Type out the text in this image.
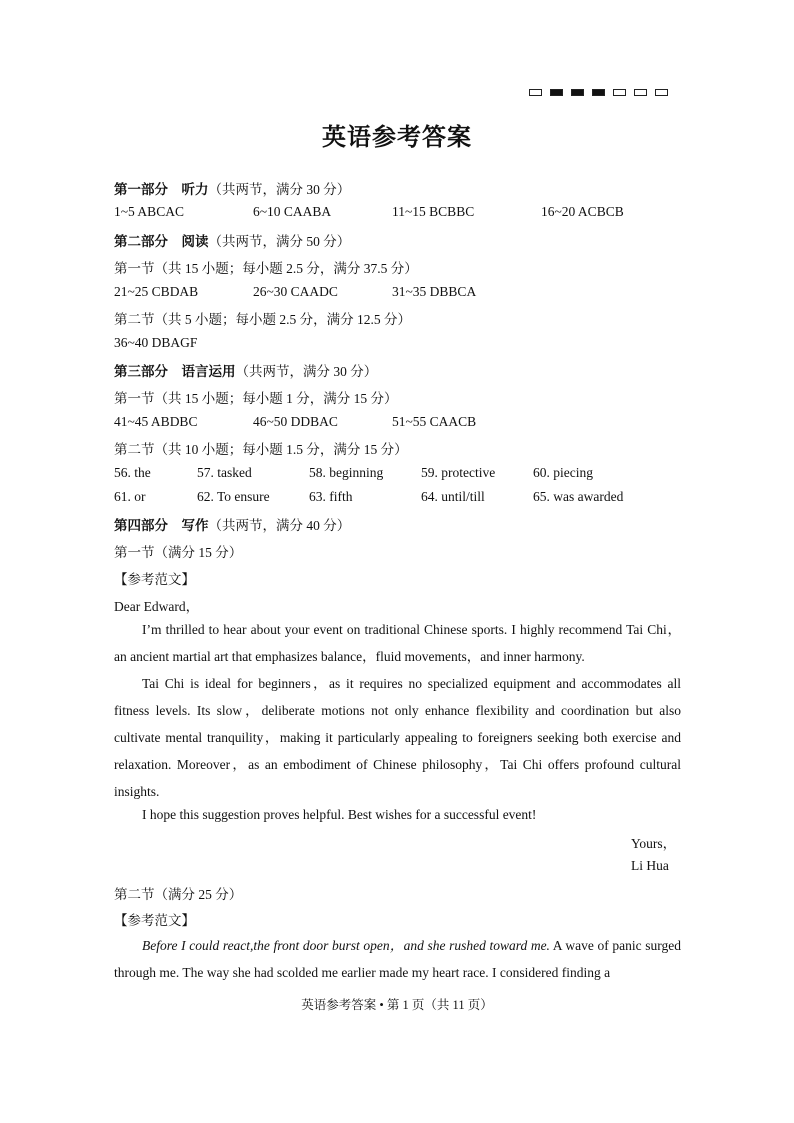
英语参考答案
第一部分 听力（共两节，满分 30 分）
1~5 ABCAC	6~10 CAABA	11~15 BCBBC	16~20 ACBCB
第二部分 阅读（共两节，满分 50 分）
第一节（共 15 小题；每小题 2.5 分，满分 37.5 分）
21~25 CBDAB	26~30 CAADC	31~35 DBBCA
第二节（共 5 小题；每小题 2.5 分，满分 12.5 分）
36~40 DBAGF
第三部分 语言运用（共两节，满分 30 分）
第一节（共 15 小题；每小题 1 分，满分 15 分）
41~45 ABDBC	46~50 DDBAC	51~55 CAACB
第二节（共 10 小题；每小题 1.5 分，满分 15 分）
56. the	57. tasked	58. beginning	59. protective	60. piecing
61. or	62. To ensure	63. fifth	64. until/till	65. was awarded
第四部分 写作（共两节，满分 40 分）
第一节（满分 15 分）
【参考范文】
Dear Edward，
I’m thrilled to hear about your event on traditional Chinese sports. I highly recommend Tai Chi，an ancient martial art that emphasizes balance，fluid movements，and inner harmony.
Tai Chi is ideal for beginners，as it requires no specialized equipment and accommodates all fitness levels. Its slow，deliberate motions not only enhance flexibility and coordination but also cultivate mental tranquility，making it particularly appealing to foreigners seeking both exercise and relaxation. Moreover，as an embodiment of Chinese philosophy，Tai Chi offers profound cultural insights.
I hope this suggestion proves helpful. Best wishes for a successful event!
Yours，
Li Hua
第二节（满分 25 分）
【参考范文】
Before I could react,the front door burst open，and she rushed toward me. A wave of panic surged through me. The way she had scolded me earlier made my heart race. I considered finding a
英语参考答案 • 第 1 页（共 11 页）
